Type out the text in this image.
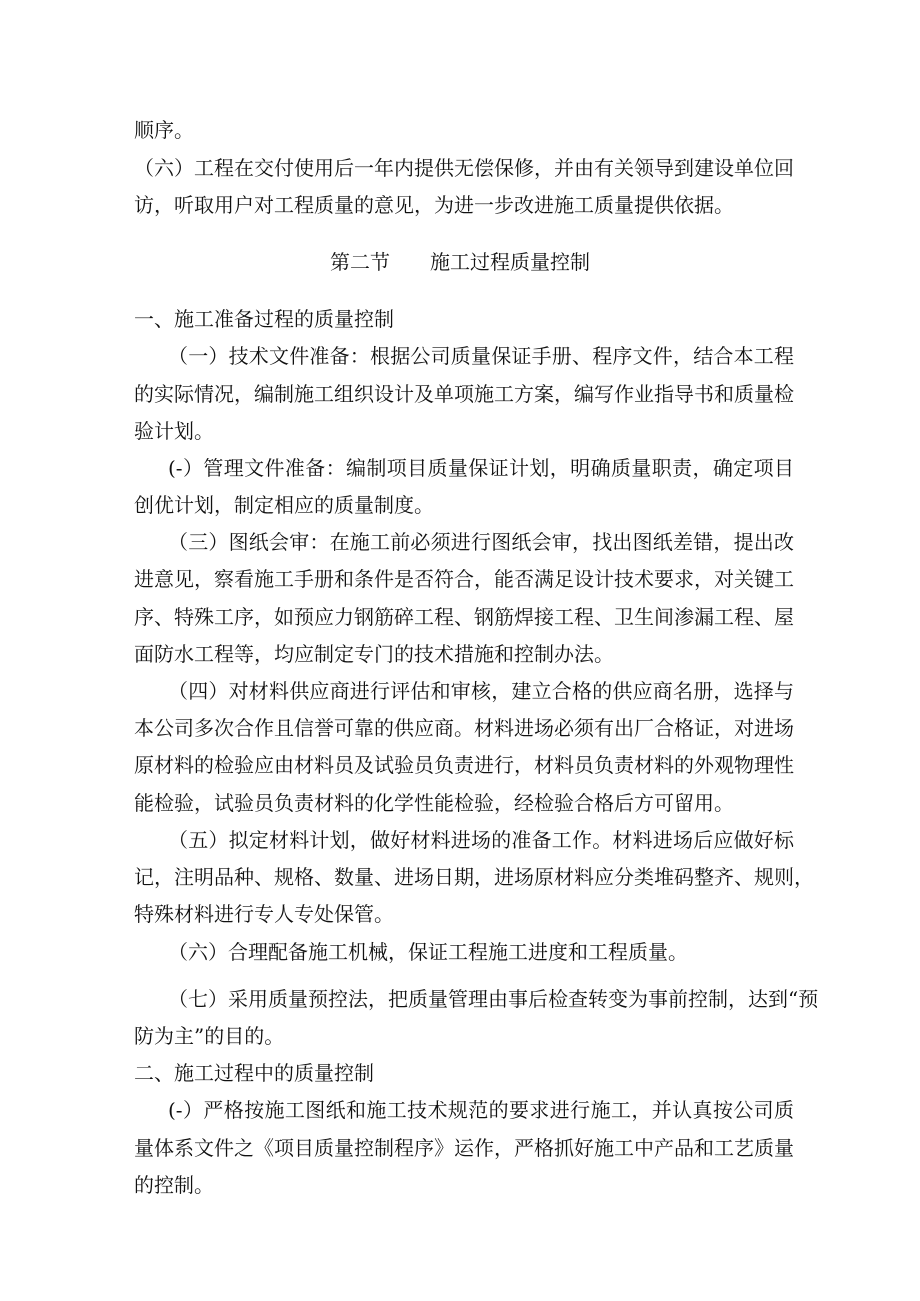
顺序。
（六）工程在交付使用后一年内提供无偿保修，并由有关领导到建设单位回
访，听取用户对工程质量的意见，为进一步改进施工质量提供依据。
第二节　　施工过程质量控制
一、施工准备过程的质量控制
（一）技术文件准备：根据公司质量保证手册、程序文件，结合本工程
的实际情况，编制施工组织设计及单项施工方案，编写作业指导书和质量检
验计划。
(-）管理文件准备：编制项目质量保证计划，明确质量职责，确定项目
创优计划，制定相应的质量制度。
（三）图纸会审：在施工前必须进行图纸会审，找出图纸差错，提出改
进意见，察看施工手册和条件是否符合，能否满足设计技术要求，对关键工
序、特殊工序，如预应力钢筋碎工程、钢筋焊接工程、卫生间渗漏工程、屋
面防水工程等，均应制定专门的技术措施和控制办法。
（四）对材料供应商进行评估和审核，建立合格的供应商名册，选择与
本公司多次合作且信誉可靠的供应商。材料进场必须有出厂合格证，对进场
原材料的检验应由材料员及试验员负责进行，材料员负责材料的外观物理性
能检验，试验员负责材料的化学性能检验，经检验合格后方可留用。
（五）拟定材料计划，做好材料进场的准备工作。材料进场后应做好标
记，注明品种、规格、数量、进场日期，进场原材料应分类堆码整齐、规则，
特殊材料进行专人专处保管。
（六）合理配备施工机械，保证工程施工进度和工程质量。
（七）采用质量预控法，把质量管理由事后检查转变为事前控制，达到“预
防为主”的目的。
二、施工过程中的质量控制
(-）严格按施工图纸和施工技术规范的要求进行施工，并认真按公司质
量体系文件之《项目质量控制程序》运作，严格抓好施工中产品和工艺质量
的控制。
